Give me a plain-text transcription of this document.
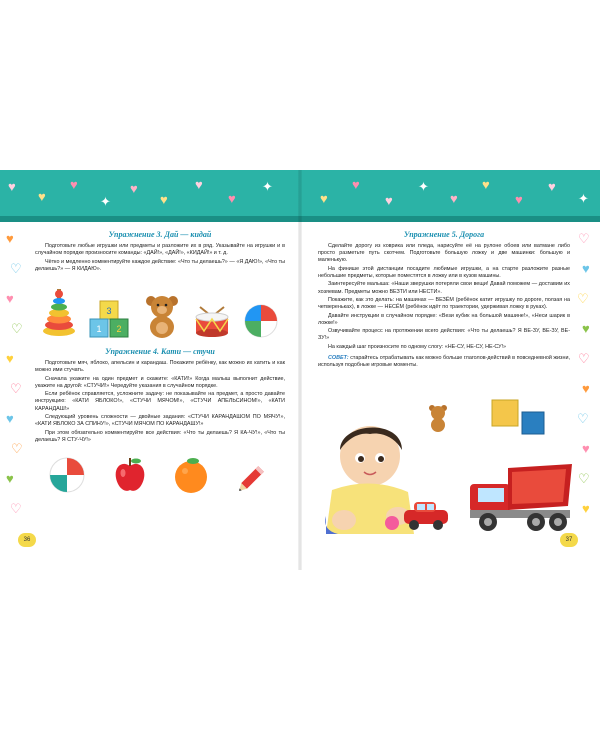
♥
♥
♥
✦
♥
♥
♥
♥
✦
♥
♥
♥
✦
♥
♥
♥
♥
✦
♥
♡
♥
♡
♥
♡
♥
♡
♥
♡
♡
♥
♡
♥
♡
♥
♡
♥
♡
♥
Упражнение 3. Дай — кидай

Подготовьте любые игрушки или предметы и разложите их в ряд. Указывайте на игрушки и в случайном порядке произносите команды: «ДАЙ!», «ДАЙ!», «КИДАЙ!» и т. д.

Чётко и медленно комментируйте каждое действие: «Что ты делаешь?» — «Я ДАЮ!», «Что ты делаешь?» — Я КИДАЮ».

3
1 2
Упражнение 4. Кати — стучи

Подготовьте мяч, яблоко, апельсин и карандаш. Покажите ребёнку, как можно их катить и как можно ими стучать.

Сначала укажите на один предмет и скажите: «КАТИ!» Когда малыш выполнит действие, укажите на другой: «СТУЧИ!» Чередуйте указания в случайном порядке.

Если ребёнок справляется, усложните задачу: не показывайте на предмет, а просто давайте инструкцию: «КАТИ ЯБЛОКО!», «СТУЧИ МЯЧОМ!», «СТУЧИ АПЕЛЬСИНОМ!», «КАТИ КАРАНДАШ!»

Следующий уровень сложности — двойные задания: «СТУЧИ КАРАНДАШОМ ПО МЯЧУ!», «КАТИ ЯБЛОКО ЗА СПИНУ!», «СТУЧИ МЯЧОМ ПО КАРАНДАШУ!»

При этом обязательно комментируйте все действия: «Что ты делаешь? Я КА-ЧУ!», «Что ты делаешь? Я СТУ-ЧУ!»

Упражнение 5. Дорога

Сделайте дорогу из коврика или пледа, нарисуйте её на рулоне обоев или ватмане либо просто разметьте путь скотчем. Подготовьте большую ложку и две машинки: большую и маленькую.

На финише этой дистанции посадите любимые игрушки, а на старте разложите разные небольшие предметы, которые поместятся в ложку или в кузов машины.

Заинтересуйте малыша: «Наши зверушки потеряли свои вещи! Давай поможем — доставим их хозяевам. Предметы можно ВЕЗТИ или НЕСТИ».

Покажите, как это делать: на машинах — ВЕЗЁМ (ребёнок катит игрушку по дороге, ползая на четвереньках), в ложке — НЕСЁМ (ребёнок идёт по траектории, удерживая ложку в руках).

Давайте инструкции в случайном порядке: «Вези кубик на большой машине!», «Неси шарик в ложке!»

Озвучивайте процесс на протяжении всего действия: «Что ты делаешь? Я ВЕ-ЗУ, ВЕ-ЗУ, ВЕ-ЗУ!»

На каждый шаг произносите по одному слогу: «НЕ-СУ, НЕ-СУ, НЕ-СУ!»

СОВЕТ: старайтесь отрабатывать как можно больше глаголов-действий в повседневной жизни, используя подобные игровые моменты.

36	37
